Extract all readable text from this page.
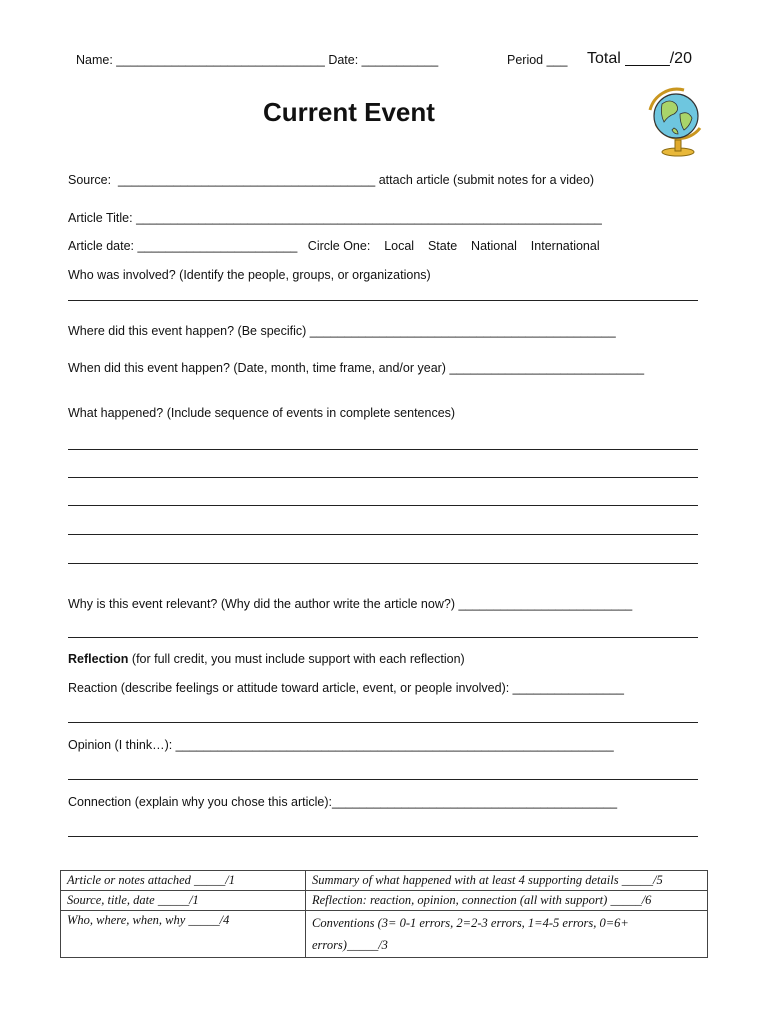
Name: ______________________________ Date: ___________	Period ___ Total _____/20
Current Event
Source:  _____________________________________ attach article (submit notes for a video)
Article Title: ___________________________________________________________________
Article date: _______________________   Circle One:    Local    State    National    International
Who was involved? (Identify the people, groups, or organizations)
Where did this event happen? (Be specific) ____________________________________________
When did this event happen? (Date, month, time frame, and/or year) ____________________________
What happened? (Include sequence of events in complete sentences)
Why is this event relevant? (Why did the author write the article now?) _________________________
Reflection (for full credit, you must include support with each reflection)
Reaction (describe feelings or attitude toward article, event, or people involved): ________________
Opinion (I think…): _______________________________________________________________
Connection (explain why you chose this article):_________________________________________
Article or notes attached _____/1	Summary of what happened with at least 4 supporting details _____/5
Source, title, date _____/1	Reflection: reaction, opinion, connection (all with support) _____/6
Who, where, when, why _____/4	Conventions (3= 0-1 errors, 2=2-3 errors, 1=4-5 errors, 0=6+ errors)_____/3
